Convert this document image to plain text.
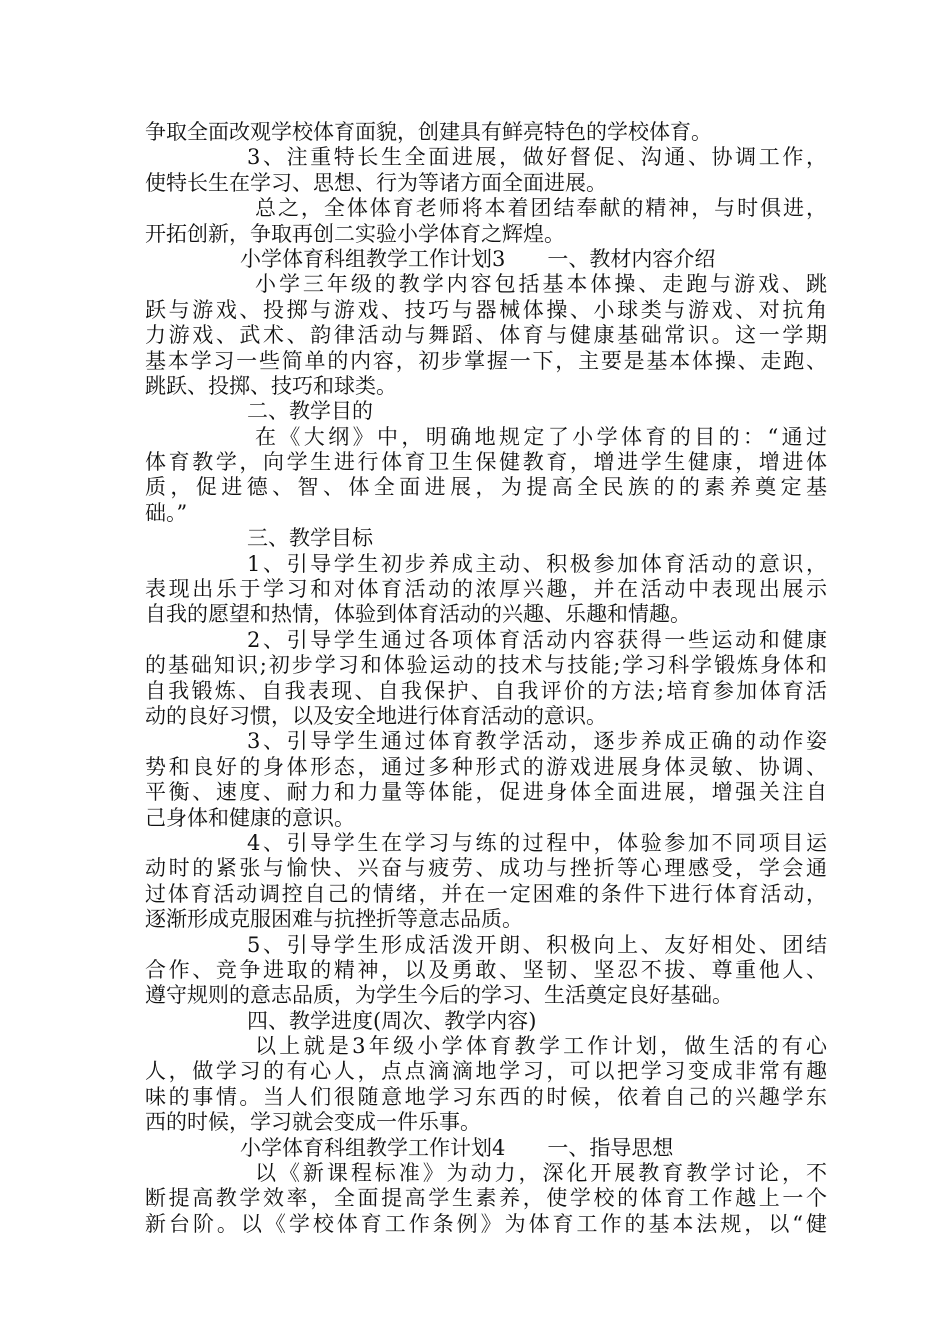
争取全面改观学校体育面貌，创建具有鲜亮特色的学校体育。
3、注重特长生全面进展，做好督促、沟通、协调工作，
使特长生在学习、思想、行为等诸方面全面进展。
总之，全体体育老师将本着团结奉献的精神，与时俱进，
开拓创新，争取再创二实验小学体育之辉煌。
小学体育科组教学工作计划3　　一、教材内容介绍
小学三年级的教学内容包括基本体操、走跑与游戏、跳
跃与游戏、投掷与游戏、技巧与器械体操、小球类与游戏、对抗角
力游戏、武术、韵律活动与舞蹈、体育与健康基础常识。这一学期
基本学习一些简单的内容，初步掌握一下，主要是基本体操、走跑、
跳跃、投掷、技巧和球类。
二、教学目的
在《大纲》中，明确地规定了小学体育的目的：“通过
体育教学，向学生进行体育卫生保健教育，增进学生健康，增进体
质，促进德、智、体全面进展，为提高全民族的的素养奠定基
础。”
三、教学目标
1、引导学生初步养成主动、积极参加体育活动的意识，
表现出乐于学习和对体育活动的浓厚兴趣，并在活动中表现出展示
自我的愿望和热情，体验到体育活动的兴趣、乐趣和情趣。
2、引导学生通过各项体育活动内容获得一些运动和健康
的基础知识;初步学习和体验运动的技术与技能;学习科学锻炼身体和
自我锻炼、自我表现、自我保护、自我评价的方法;培育参加体育活
动的良好习惯，以及安全地进行体育活动的意识。
3、引导学生通过体育教学活动，逐步养成正确的动作姿
势和良好的身体形态，通过多种形式的游戏进展身体灵敏、协调、
平衡、速度、耐力和力量等体能，促进身体全面进展，增强关注自
己身体和健康的意识。
4、引导学生在学习与练的过程中，体验参加不同项目运
动时的紧张与愉快、兴奋与疲劳、成功与挫折等心理感受，学会通
过体育活动调控自己的情绪，并在一定困难的条件下进行体育活动，
逐渐形成克服困难与抗挫折等意志品质。
5、引导学生形成活泼开朗、积极向上、友好相处、团结
合作、竞争进取的精神，以及勇敢、坚韧、坚忍不拔、尊重他人、
遵守规则的意志品质，为学生今后的学习、生活奠定良好基础。
四、教学进度(周次、教学内容)
以上就是3年级小学体育教学工作计划，做生活的有心
人，做学习的有心人，点点滴滴地学习，可以把学习变成非常有趣
味的事情。当人们很随意地学习东西的时候，依着自己的兴趣学东
西的时候，学习就会变成一件乐事。
小学体育科组教学工作计划4　　一、指导思想
以《新课程标准》为动力，深化开展教育教学讨论，不
断提高教学效率，全面提高学生素养，使学校的体育工作越上一个
新台阶。以《学校体育工作条例》为体育工作的基本法规，以“健
